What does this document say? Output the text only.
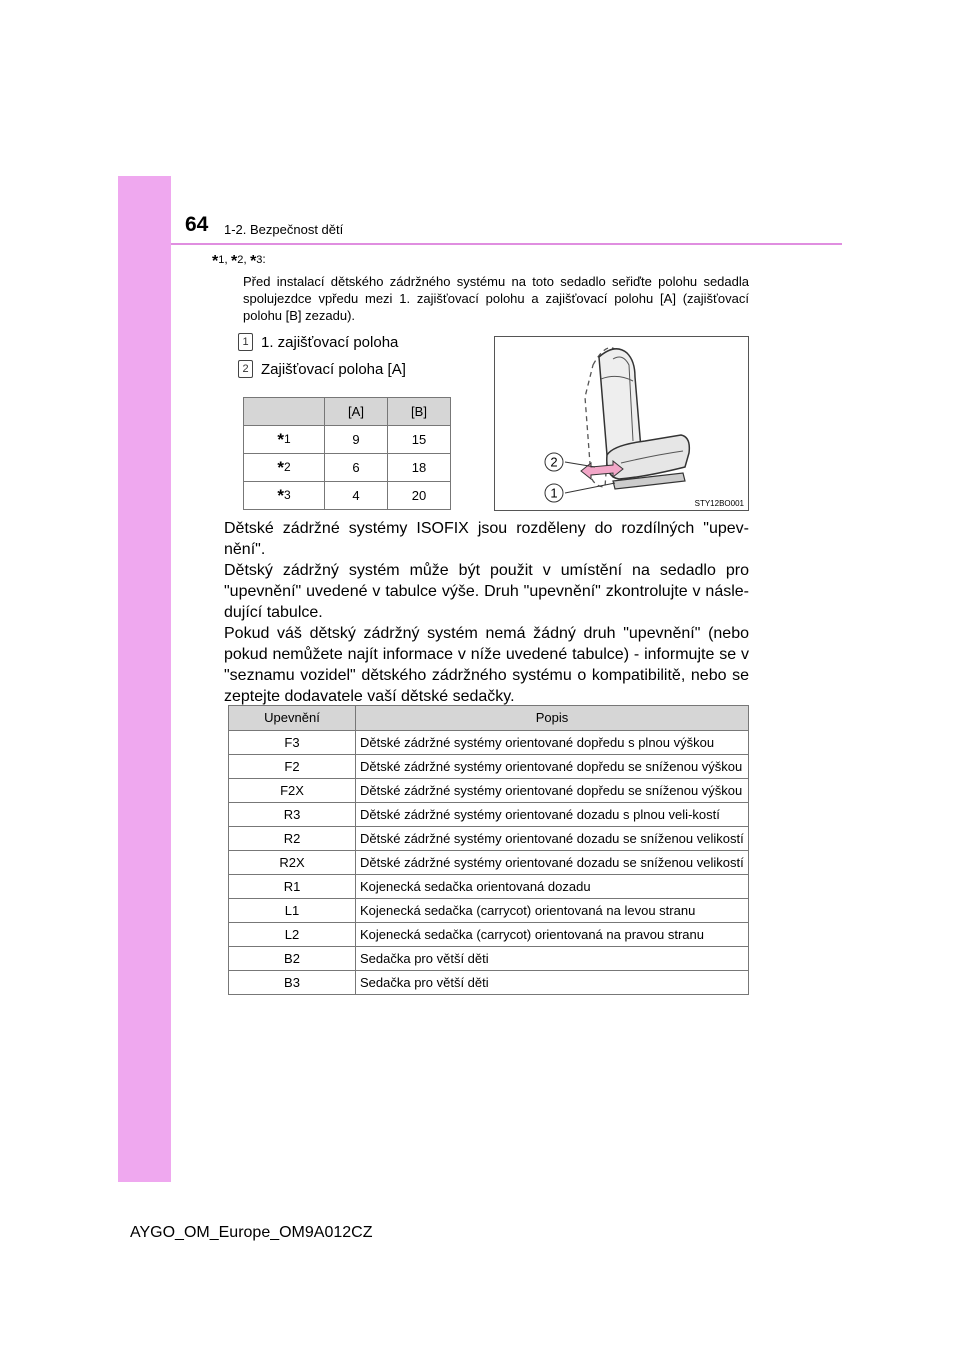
64 1-2. Bezpečnost dětí
*1, *2, *3:
Před instalací dětského zádržného systému na toto sedadlo seřiďte polohu sedadla spolujezdce vpředu mezi 1. zajišťovací polohu a zajišťovací polohu [A] (zajišťovací polohu [B] zezadu).
1 1. zajišťovací poloha
2 Zajišťovací poloha [A]
	[A]	[B]
*1	9	15
*2	6	18
*3	4	20
2
1
STY12BO001

Dětské zádržné systémy ISOFIX jsou rozděleny do rozdílných "upev-nění".

Dětský zádržný systém může být použit v umístění na sedadlo pro "upevnění" uvedené v tabulce výše. Druh "upevnění" zkontrolujte v násle-dující tabulce.

Pokud váš dětský zádržný systém nemá žádný druh "upevnění" (nebo pokud nemůžete najít informace v níže uvedené tabulce) - informujte se v "seznamu vozidel" dětského zádržného systému o kompatibilitě, nebo se zeptejte dodavatele vaší dětské sedačky.

Upevnění	Popis
F3	Dětské zádržné systémy orientované dopředu s plnou výškou
F2	Dětské zádržné systémy orientované dopředu se sníženou výškou
F2X	Dětské zádržné systémy orientované dopředu se sníženou výškou
R3	Dětské zádržné systémy orientované dozadu s plnou veli-kostí
R2	Dětské zádržné systémy orientované dozadu se sníženou velikostí
R2X	Dětské zádržné systémy orientované dozadu se sníženou velikostí
R1	Kojenecká sedačka orientovaná dozadu
L1	Kojenecká sedačka (carrycot) orientovaná na levou stranu
L2	Kojenecká sedačka (carrycot) orientovaná na pravou stranu
B2	Sedačka pro větší děti
B3	Sedačka pro větší děti
AYGO_OM_Europe_OM9A012CZ
